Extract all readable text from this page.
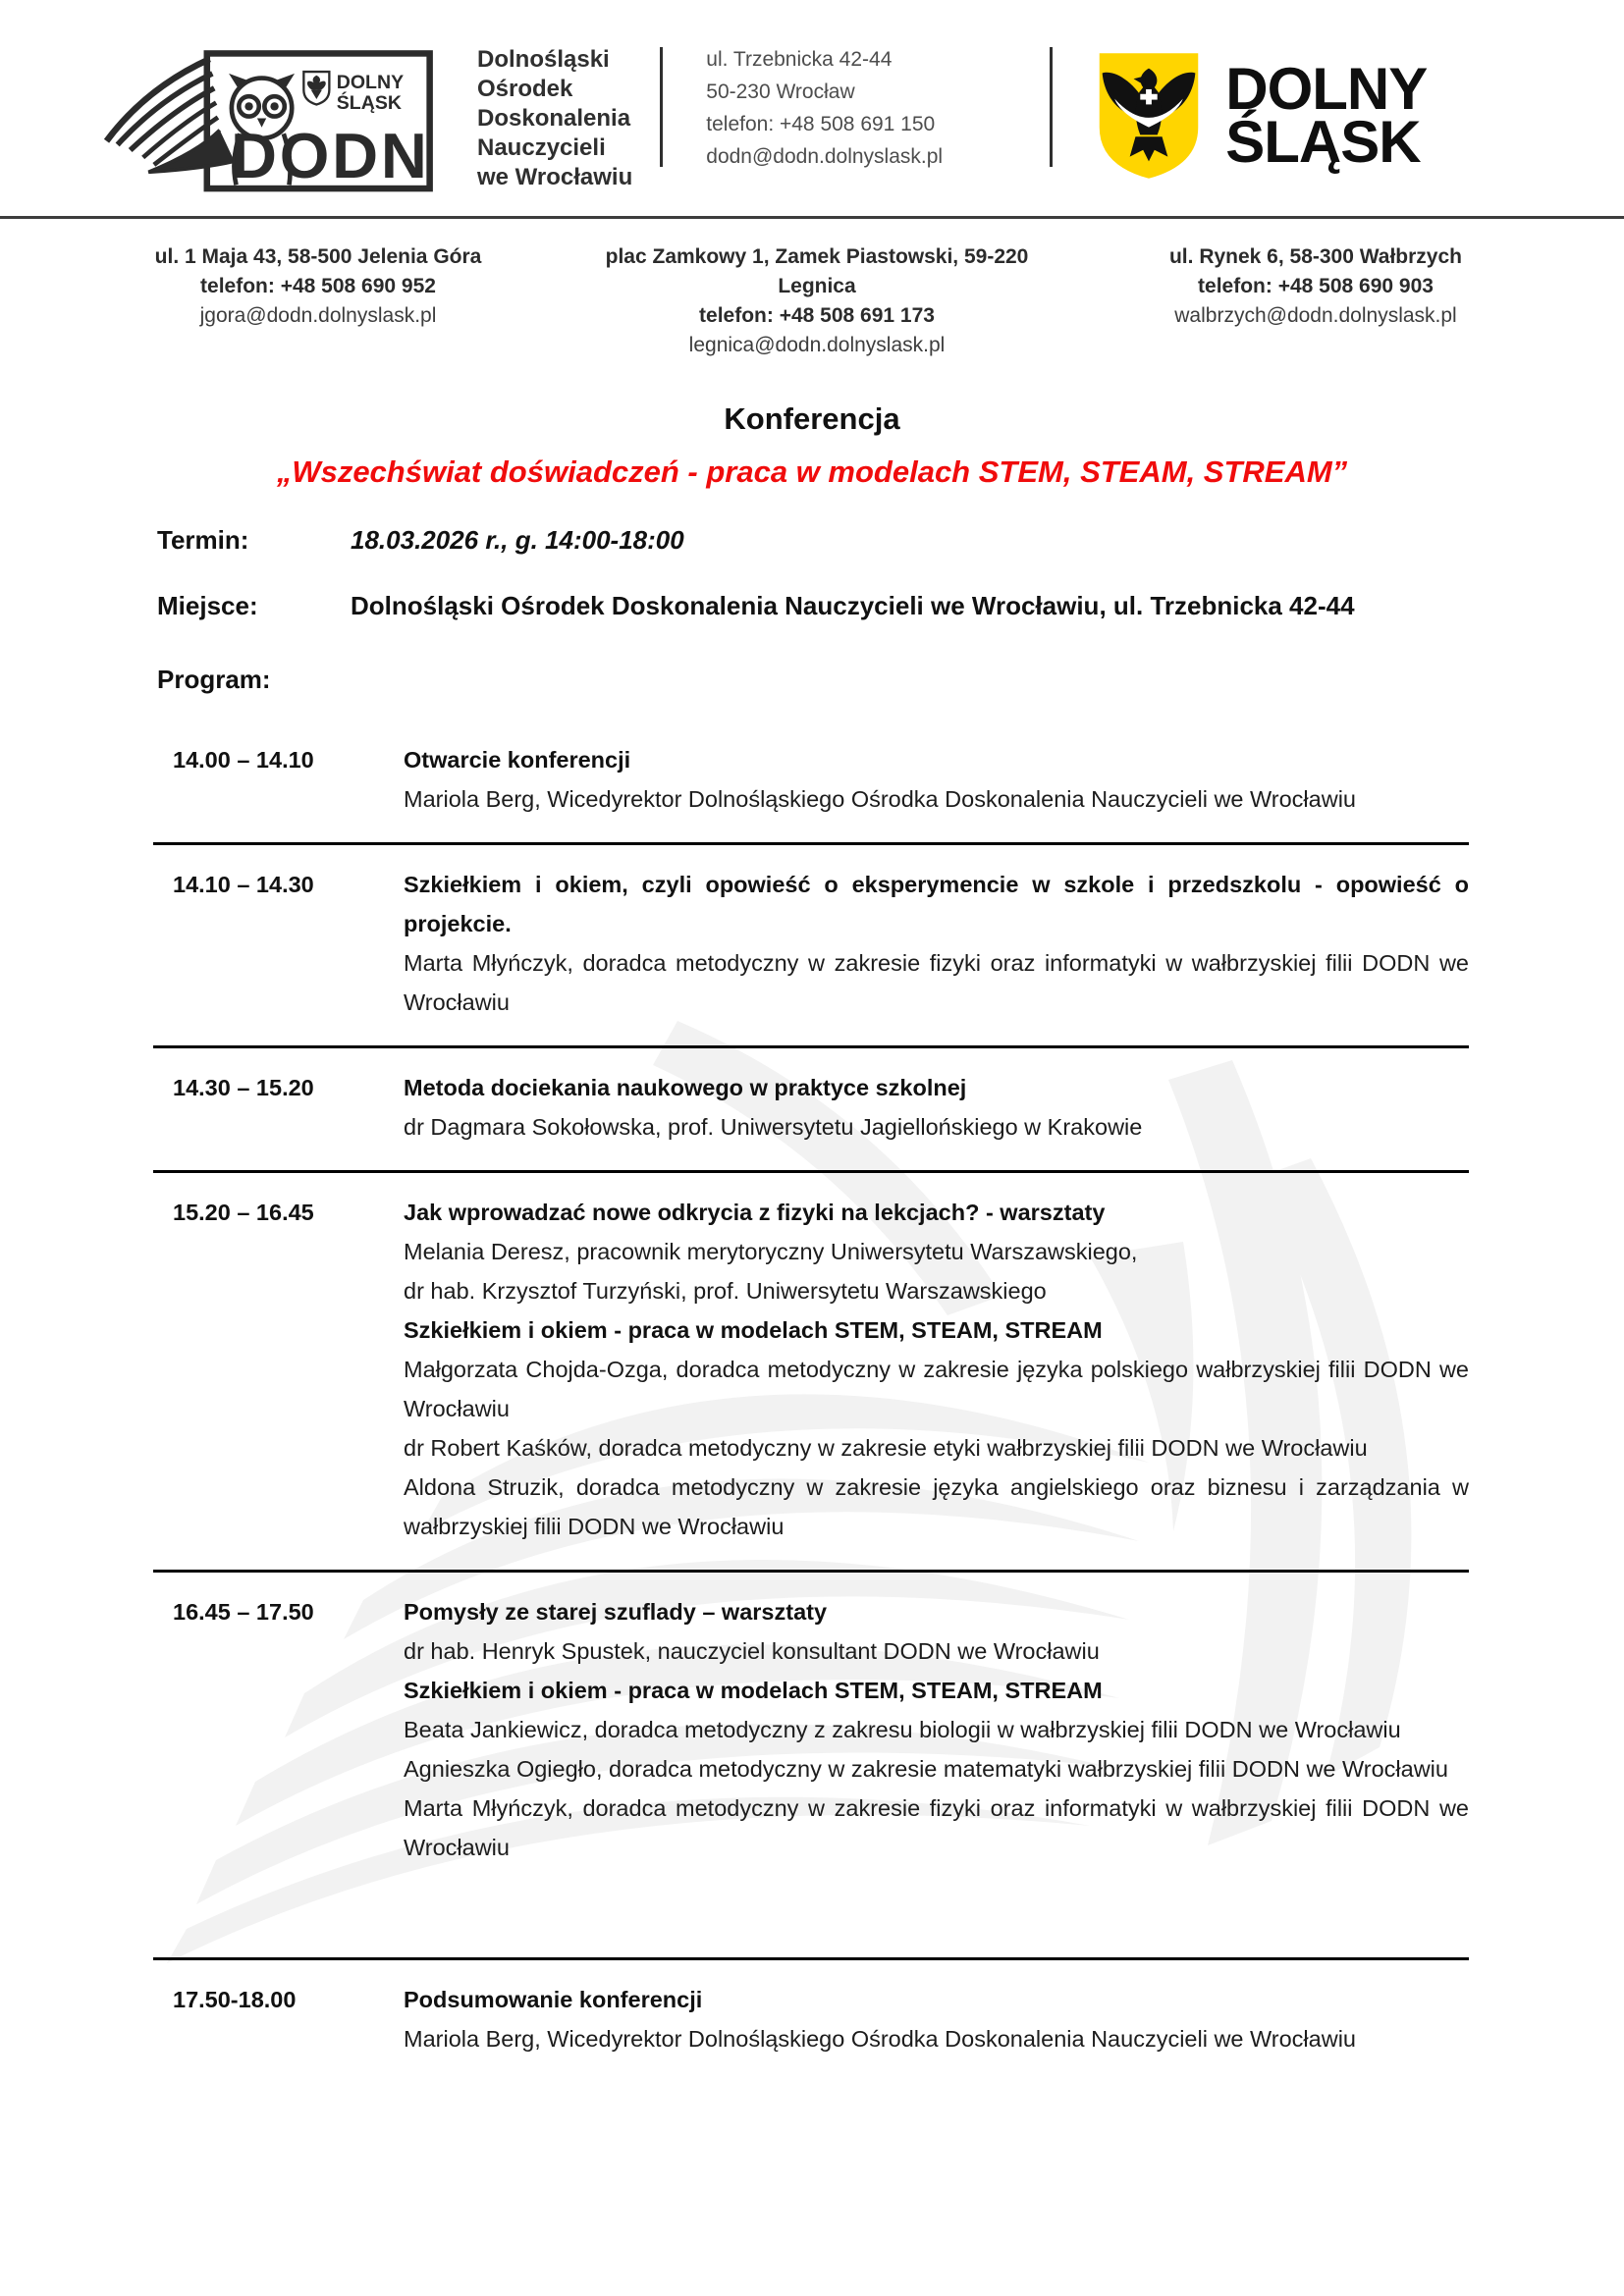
DOLNY
ŚLĄSK
DODN
Dolnośląski
Ośrodek
Doskonalenia
Nauczycieli
we Wrocławiu
ul. Trzebnicka 42-44
50-230 Wrocław
telefon: +48 508 691 150
dodn@dodn.dolnyslask.pl
DOLNY
ŚLĄSK
ul. 1 Maja 43, 58-500 Jelenia Góra
telefon: +48 508 690 952
jgora@dodn.dolnyslask.pl
plac Zamkowy 1, Zamek Piastowski, 59-220 Legnica
telefon: +48 508 691 173
legnica@dodn.dolnyslask.pl
ul. Rynek 6, 58-300 Wałbrzych
telefon: +48 508 690 903
walbrzych@dodn.dolnyslask.pl
Konferencja
„Wszechświat doświadczeń - praca w modelach STEM, STEAM, STREAM”
Termin:	18.03.2026 r., g. 14:00-18:00
Miejsce:	Dolnośląski Ośrodek Doskonalenia Nauczycieli we Wrocławiu, ul. Trzebnicka 42-44
Program:
14.00 – 14.10	Otwarcie konferencji

Mariola Berg, Wicedyrektor Dolnośląskiego Ośrodka Doskonalenia Nauczycieli we Wrocławiu

14.10 – 14.30	Szkiełkiem i okiem, czyli opowieść o eksperymencie w szkole i przedszkolu - opowieść o projekcie.

Marta Młyńczyk, doradca metodyczny w zakresie fizyki oraz informatyki w wałbrzyskiej filii DODN we Wrocławiu

14.30 – 15.20	Metoda dociekania naukowego w praktyce szkolnej

dr Dagmara Sokołowska, prof. Uniwersytetu Jagiellońskiego w Krakowie

15.20 – 16.45	Jak wprowadzać nowe odkrycia z fizyki na lekcjach? - warsztaty

Melania Deresz, pracownik merytoryczny Uniwersytetu Warszawskiego,

dr hab. Krzysztof Turzyński, prof. Uniwersytetu Warszawskiego

Szkiełkiem i okiem - praca w modelach STEM, STEAM, STREAM

Małgorzata Chojda-Ozga, doradca metodyczny w zakresie języka polskiego wałbrzyskiej filii DODN we Wrocławiu

dr Robert Kaśków, doradca metodyczny w zakresie etyki wałbrzyskiej filii DODN we Wrocławiu

Aldona Struzik, doradca metodyczny w zakresie języka angielskiego oraz biznesu i zarządzania w wałbrzyskiej filii DODN we Wrocławiu

16.45 – 17.50	Pomysły ze starej szuflady – warsztaty

dr hab. Henryk Spustek, nauczyciel konsultant DODN we Wrocławiu

Szkiełkiem i okiem - praca w modelach STEM, STEAM, STREAM

Beata Jankiewicz, doradca metodyczny z zakresu biologii w wałbrzyskiej filii DODN we Wrocławiu

Agnieszka Ogiegło, doradca metodyczny w zakresie matematyki wałbrzyskiej filii DODN we Wrocławiu

Marta Młyńczyk, doradca metodyczny w zakresie fizyki oraz informatyki w wałbrzyskiej filii DODN we Wrocławiu

17.50-18.00	Podsumowanie konferencji

Mariola Berg, Wicedyrektor Dolnośląskiego Ośrodka Doskonalenia Nauczycieli we Wrocławiu
